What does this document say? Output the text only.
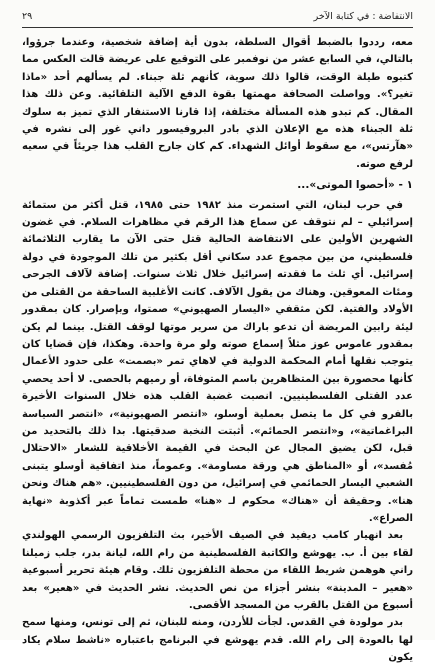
الانتفاضة : في كتابة الآخر
٢٩

معه، رددوا بالضبط أقوال السلطة، بدون أية إضافة شخصية، وعندما جرؤوا، بالتالي، في السابع عشر من نوفمبر على التوقيع على عريضة قالت العكس مما كتبوه طيلة الوقت، قالوا ذلك سوية، كأنهم ثلة جبناء. لم يسألهم أحد «ماذا تغير؟». وواصلت الصحافة مهمتها بقوة الدفع الآلية التلقائية. وعن ذلك هذا المقال. كم تبدو هذه المسألة مختلفة، إذا قارنا الاستنفار الذي تميز به سلوك ثلة الجبناء هذه مع الإعلان الذي بادر البروفيسور داني غور إلى نشره في «هآرتس»، مع سقوط أوائل الشهداء. كم كان جارح القلب هذا جريئاً في سعيه لرفع صوته.

١ - «أحصوا الموتى»...

في حرب لبنان، التي استمرت منذ ١٩٨٢ حتى ١٩٨٥، قتل أكثر من ستمائة إسرائيلي – لم نتوقف عن سماع هذا الرقم في مظاهرات السلام. في غضون الشهرين الأولين على الانتفاضة الحالية قتل حتى الآن ما يقارب الثلاثمائة فلسطيني، من بين مجموع عدد سكاني أقل بكثير من تلك الموجودة في دولة إسرائيل. أي ثلث ما فقدته إسرائيل خلال ثلاث سنوات. إضافة لآلاف الجرحى ومئات المعوقين. وهناك من يقول الآلاف. كانت الأغلبية الساحقة من القتلى من الأولاد والفتية. لكن مثقفي «اليسار الصهيوني» صمتوا، وبإصرار. كان بمقدور ليئة رابين المريضة أن تدعو باراك من سرير موتها لوقف القتل. بينما لم يكن بمقدور عاموس عوز مثلاً إسماع صوته ولو مرة واحدة. وهكذا، فإن قضايا كان يتوجب نقلها أمام المحكمة الدولية في لاهاي تمر «بصمت» على حدود الأعمال كأنها محصورة بين المتظاهرين باسم المتوفاة، أو رميهم بالحصى. لا أحد يحصي عدد القتلى الفلسطينيين. انصبت غضبة القلب هذه خلال السنوات الأخيرة بالفرو في كل ما يتصل بعملية أوسلو، «انتصر الصهيونية»، «انتصر السياسة البراغماتية»، و«انتصر الحمائم». أثبتت النخبة صدقيتها. بدا ذلك بالتحديد من قبل، لكن يضيق المجال عن البحث في القيمة الأخلاقية للشعار «الاحتلال مُفسد»، أو «المناطق هي ورقة مساومة». وعموماً، منذ اتفاقية أوسلو يتبنى الشعبي اليسار الحمائمي في إسرائيل، من دون الفلسطينيين. «هم هناك ونحن هنا». وحقيقة أن «هناك» محكوم لـ «هنا» طمست تماماً عبر أكذوبة «نهاية الصراع».

بعد انهيار كامب ديفيد في الصيف الأخير، بث التلفزيون الرسمي الهولندي لقاء بين أ. ب. يهوشع والكاتبة الفلسطينية من رام الله، ليانة بدر، جلب زميلنا راني هوهمن شريط اللقاء من محطة التلفزيون تلك. وقام هيئة تحرير أسبوعية «هعير – المدينة» بنشر أجزاء من نص الحديث. نشر الحديث في «هعير» بعد أسبوع من القتل بالقرب من المسجد الأقصى.

بدر مولودة في القدس. لجأت للأردن، ومنه للبنان، ثم إلى تونس، ومنها سمح لها بالعودة إلى رام الله. قدم يهوشع في البرنامج باعتباره «ناشط سلام يكاد يكون
